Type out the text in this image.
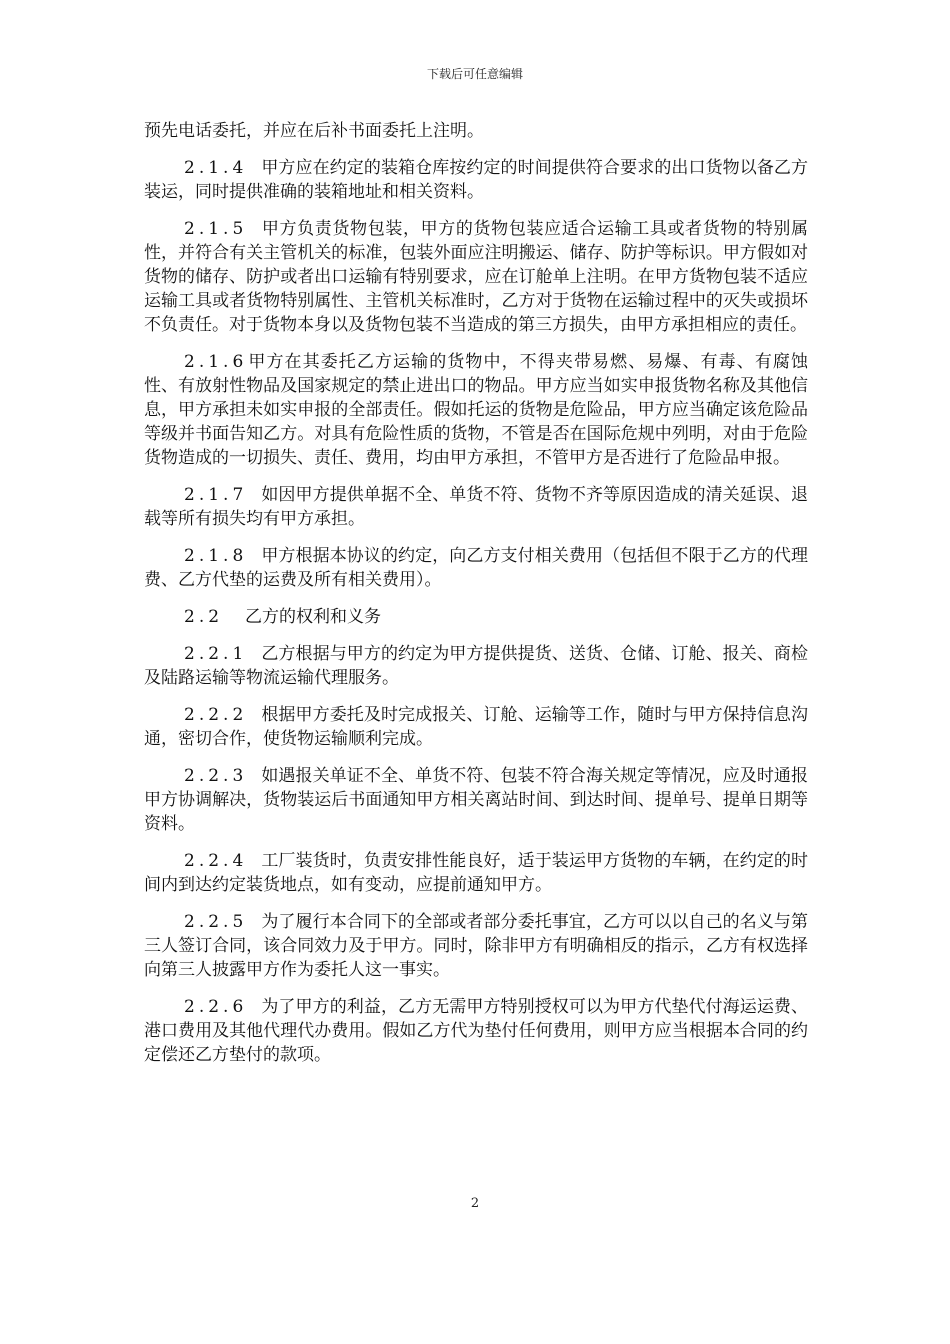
下载后可任意编辑

预先电话委托，并应在后补书面委托上注明。

2.1.4 甲方应在约定的装箱仓库按约定的时间提供符合要求的出口货物以备乙方装运，同时提供准确的装箱地址和相关资料。

2.1.5 甲方负责货物包装，甲方的货物包装应适合运输工具或者货物的特别属性，并符合有关主管机关的标准，包装外面应注明搬运、储存、防护等标识。甲方假如对货物的储存、防护或者出口运输有特别要求，应在订舱单上注明。在甲方货物包装不适应运输工具或者货物特别属性、主管机关标准时，乙方对于货物在运输过程中的灭失或损坏不负责任。对于货物本身以及货物包装不当造成的第三方损失，由甲方承担相应的责任。

2.1.6甲方在其委托乙方运输的货物中，不得夹带易燃、易爆、有毒、有腐蚀性、有放射性物品及国家规定的禁止进出口的物品。甲方应当如实申报货物名称及其他信息，甲方承担未如实申报的全部责任。假如托运的货物是危险品，甲方应当确定该危险品等级并书面告知乙方。对具有危险性质的货物，不管是否在国际危规中列明，对由于危险货物造成的一切损失、责任、费用，均由甲方承担，不管甲方是否进行了危险品申报。

2.1.7 如因甲方提供单据不全、单货不符、货物不齐等原因造成的清关延误、退载等所有损失均有甲方承担。

2.1.8 甲方根据本协议的约定，向乙方支付相关费用（包括但不限于乙方的代理费、乙方代垫的运费及所有相关费用）。

2.2 乙方的权利和义务

2.2.1 乙方根据与甲方的约定为甲方提供提货、送货、仓储、订舱、报关、商检及陆路运输等物流运输代理服务。

2.2.2 根据甲方委托及时完成报关、订舱、运输等工作，随时与甲方保持信息沟通，密切合作，使货物运输顺利完成。

2.2.3 如遇报关单证不全、单货不符、包装不符合海关规定等情况，应及时通报甲方协调解决，货物装运后书面通知甲方相关离站时间、到达时间、提单号、提单日期等资料。

2.2.4 工厂装货时，负责安排性能良好，适于装运甲方货物的车辆，在约定的时间内到达约定装货地点，如有变动，应提前通知甲方。

2.2.5 为了履行本合同下的全部或者部分委托事宜，乙方可以以自己的名义与第三人签订合同，该合同效力及于甲方。同时，除非甲方有明确相反的指示，乙方有权选择向第三人披露甲方作为委托人这一事实。

2.2.6 为了甲方的利益，乙方无需甲方特别授权可以为甲方代垫代付海运运费、港口费用及其他代理代办费用。假如乙方代为垫付任何费用，则甲方应当根据本合同的约定偿还乙方垫付的款项。

2
